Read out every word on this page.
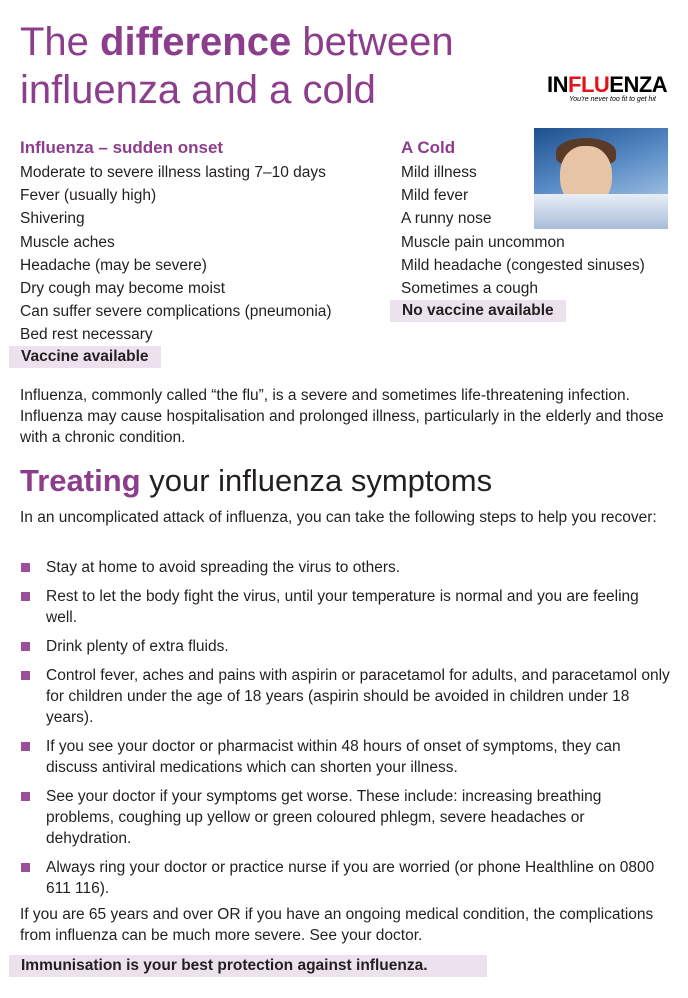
The difference between
influenza and a cold	INFLUENZA
You're never too fit to get hit
Influenza – sudden onset
Moderate to severe illness lasting 7–10 days
Fever (usually high)
Shivering
Muscle aches
Headache (may be severe)
Dry cough may become moist
Can suffer severe complications (pneumonia)
Bed rest necessary
Vaccine available
A Cold
Mild illness
Mild fever
A runny nose
Muscle pain uncommon
Mild headache (congested sinuses)
Sometimes a cough
No vaccine available

Influenza, commonly called “the flu”, is a severe and sometimes life-threatening infection. Influenza may cause hospitalisation and prolonged illness, particularly in the elderly and those with a chronic condition.

Treating your influenza symptoms

In an uncomplicated attack of influenza, you can take the following steps to help you recover:

Stay at home to avoid spreading the virus to others.
Rest to let the body fight the virus, until your temperature is normal and you are feeling well.
Drink plenty of extra fluids.
Control fever, aches and pains with aspirin or paracetamol for adults, and paracetamol only for children under the age of 18 years (aspirin should be avoided in children under 18 years).
If you see your doctor or pharmacist within 48 hours of onset of symptoms, they can discuss antiviral medications which can shorten your illness.
See your doctor if your symptoms get worse. These include: increasing breathing problems, coughing up yellow or green coloured phlegm, severe headaches or dehydration.
Always ring your doctor or practice nurse if you are worried (or phone Healthline on 0800 611 116).

If you are 65 years and over OR if you have an ongoing medical condition, the complications from influenza can be much more severe. See your doctor.

Immunisation is your best protection against influenza.
